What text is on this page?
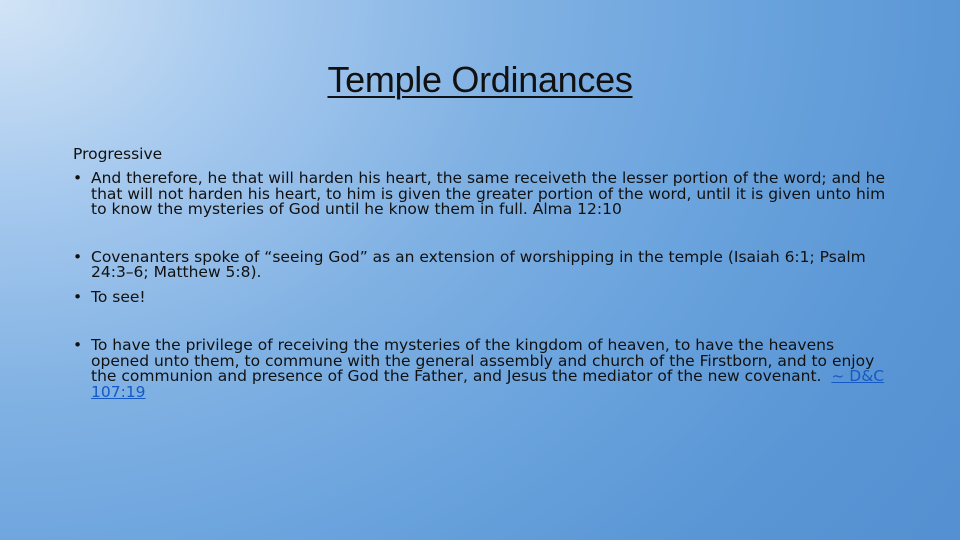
Temple Ordinances
Progressive
• And therefore, he that will harden his heart, the same receiveth the lesser portion of the word; and he that will not harden his heart, to him is given the greater portion of the word, until it is given unto him to know the mysteries of God until he know them in full. Alma 12:10
• Covenanters spoke of “seeing God” as an extension of worshipping in the temple (Isaiah 6:1; Psalm 24:3–6; Matthew 5:8).
• To see!
• To have the privilege of receiving the mysteries of the kingdom of heaven, to have the heavens opened unto them, to commune with the general assembly and church of the Firstborn, and to enjoy the communion and presence of God the Father, and Jesus the mediator of the new covenant.  ~ D&C 107:19
